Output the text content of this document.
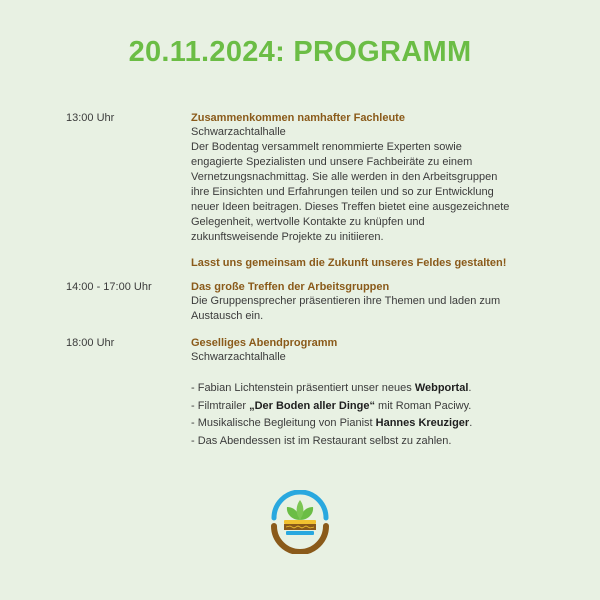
20.11.2024: PROGRAMM
13:00 Uhr	Zusammenkommen namhafter Fachleute
Schwarzachtalhalle
Der Bodentag versammelt renommierte Experten sowie
engagierte Spezialisten und unsere Fachbeiräte zu einem
Vernetzungsnachmittag. Sie alle werden in den Arbeitsgruppen
ihre Einsichten und Erfahrungen teilen und so zur Entwicklung
neuer Ideen beitragen. Dieses Treffen bietet eine ausgezeichnete
Gelegenheit, wertvolle Kontakte zu knüpfen und
zukunftsweisende Projekte zu initiieren.
Lasst uns gemeinsam die Zukunft unseres Feldes gestalten!
14:00 - 17:00 Uhr	Das große Treffen der Arbeitsgruppen
Die Gruppensprecher präsentieren ihre Themen und laden zum
Austausch ein.
18:00 Uhr	Geselliges Abendprogramm
Schwarzachtalhalle
- Fabian Lichtenstein präsentiert unser neues Webportal.
- Filmtrailer „Der Boden aller Dinge“ mit Roman Paciwy.
- Musikalische Begleitung von Pianist Hannes Kreuziger.
- Das Abendessen ist im Restaurant selbst zu zahlen.
